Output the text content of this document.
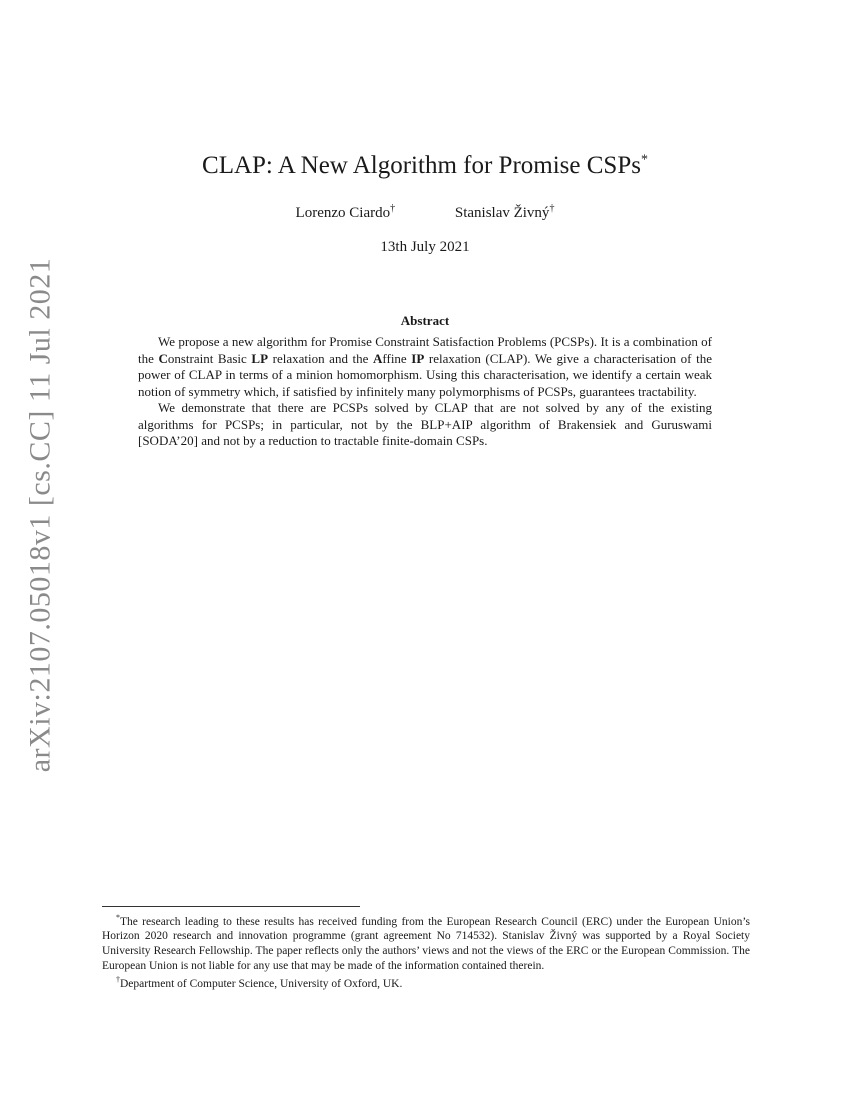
arXiv:2107.05018v1 [cs.CC] 11 Jul 2021
CLAP: A New Algorithm for Promise CSPs*
Lorenzo Ciardo†	Stanislav Živný†
13th July 2021
Abstract

We propose a new algorithm for Promise Constraint Satisfaction Problems (PCSPs). It is a combination of the Constraint Basic LP relaxation and the Affine IP relaxation (CLAP). We give a characterisation of the power of CLAP in terms of a minion homomorphism. Using this characterisation, we identify a certain weak notion of symmetry which, if satisfied by infinitely many polymorphisms of PCSPs, guarantees tractability.

We demonstrate that there are PCSPs solved by CLAP that are not solved by any of the existing algorithms for PCSPs; in particular, not by the BLP+AIP algorithm of Brakensiek and Guruswami [SODA’20] and not by a reduction to tractable finite-domain CSPs.

*The research leading to these results has received funding from the European Research Council (ERC) under the European Union’s Horizon 2020 research and innovation programme (grant agreement No 714532). Stanislav Živný was supported by a Royal Society University Research Fellowship. The paper reflects only the authors’ views and not the views of the ERC or the European Commission. The European Union is not liable for any use that may be made of the information contained therein.

†Department of Computer Science, University of Oxford, UK.
